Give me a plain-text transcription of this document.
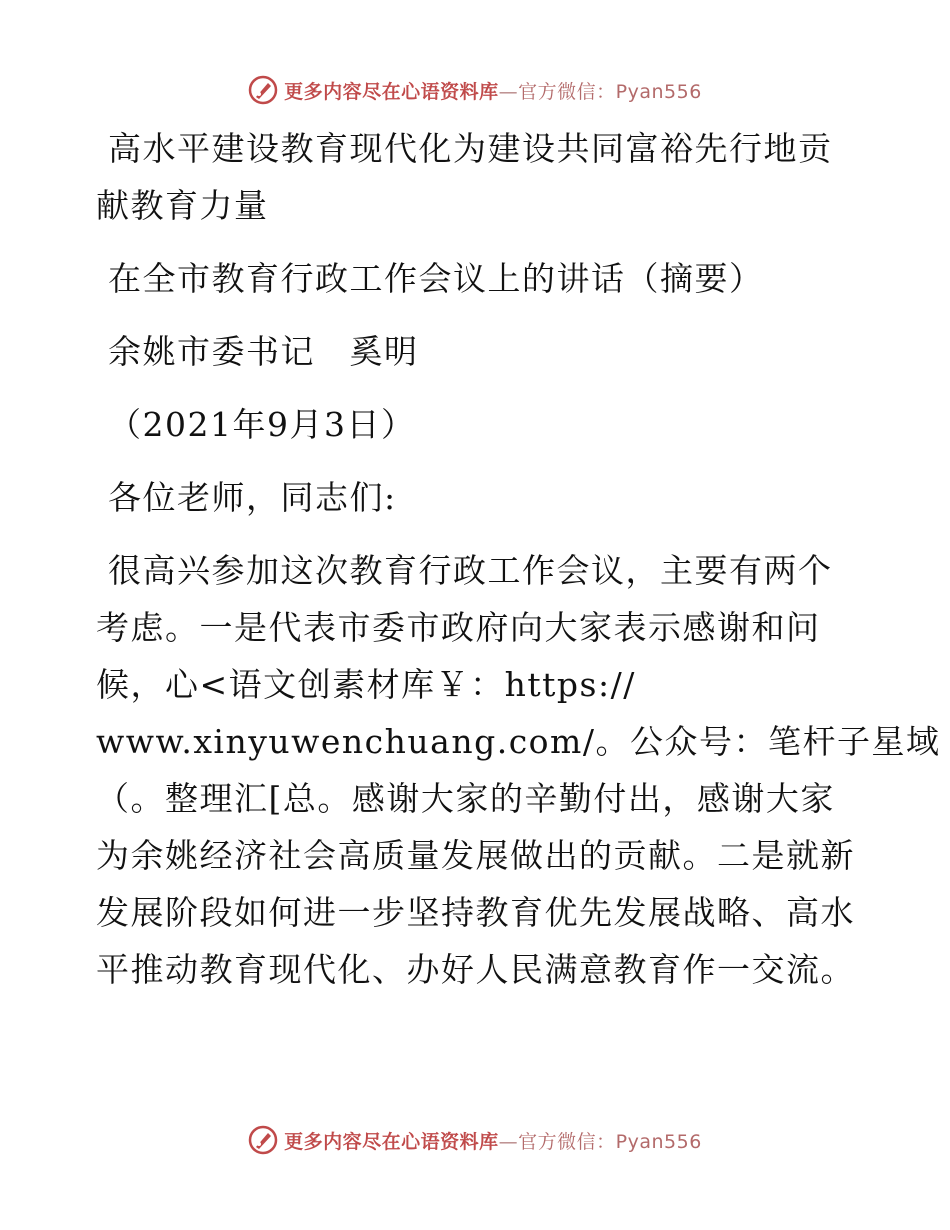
更多内容尽在心语资料库—官方微信：Pyan556
高水平建设教育现代化为建设共同富裕先行地贡
献教育力量
在全市教育行政工作会议上的讲话（摘要）
余姚市委书记　奚明
（2021年9月3日）
各位老师，同志们:
很高兴参加这次教育行政工作会议，主要有两个
考虑。一是代表市委市政府向大家表示感谢和问
候，心<语文创素材库￥：https://
www.xinyuwenchuang.com/。公众号：笔杆子星域
（。整理汇[总。感谢大家的辛勤付出，感谢大家
为余姚经济社会高质量发展做出的贡献。二是就新
发展阶段如何进一步坚持教育优先发展战略、高水
平推动教育现代化、办好人民满意教育作一交流。
更多内容尽在心语资料库—官方微信：Pyan556
